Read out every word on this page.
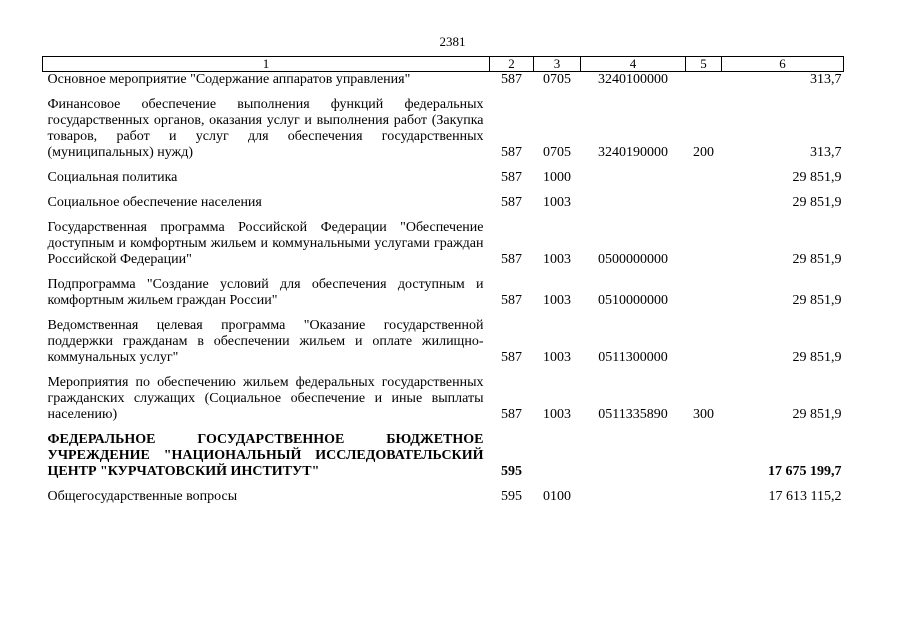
2381
1	2	3	4	5	6
Основное мероприятие "Содержание аппаратов управления"	587	0705	3240100000		313,7
Финансовое обеспечение выполнения функций федеральных государственных органов, оказания услуг и выполнения работ (Закупка товаров, работ и услуг для обеспечения государственных (муниципальных) нужд)	587	0705	3240190000	200	313,7
Социальная политика	587	1000			29 851,9
Социальное обеспечение населения	587	1003			29 851,9
Государственная программа Российской Федерации "Обеспечение доступным и комфортным жильем и коммунальными услугами граждан Российской Федерации"	587	1003	0500000000		29 851,9
Подпрограмма "Создание условий для обеспечения доступным и комфортным жильем граждан России"	587	1003	0510000000		29 851,9
Ведомственная целевая программа "Оказание государственной поддержки гражданам в обеспечении жильем и оплате жилищно-коммунальных услуг"	587	1003	0511300000		29 851,9
Мероприятия по обеспечению жильем федеральных государственных гражданских служащих (Социальное обеспечение и иные выплаты населению)	587	1003	0511335890	300	29 851,9
ФЕДЕРАЛЬНОЕ ГОСУДАРСТВЕННОЕ БЮДЖЕТНОЕ УЧРЕЖДЕНИЕ "НАЦИОНАЛЬНЫЙ ИССЛЕДОВАТЕЛЬСКИЙ ЦЕНТР "КУРЧАТОВСКИЙ ИНСТИТУТ"	595				17 675 199,7
Общегосударственные вопросы	595	0100			17 613 115,2
